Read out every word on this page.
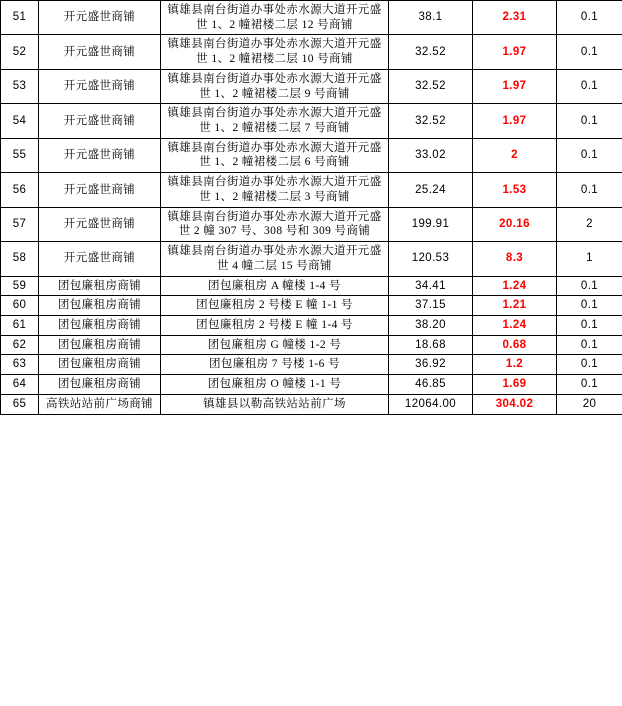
51	开元盛世商铺	镇雄县南台街道办事处赤水源大道开元盛世 1、2 幢裙楼二层 12 号商铺	38.1	2.31	0.1
52	开元盛世商铺	镇雄县南台街道办事处赤水源大道开元盛世 1、2 幢裙楼二层 10 号商铺	32.52	1.97	0.1
53	开元盛世商铺	镇雄县南台街道办事处赤水源大道开元盛世 1、2 幢裙楼二层 9 号商铺	32.52	1.97	0.1
54	开元盛世商铺	镇雄县南台街道办事处赤水源大道开元盛世 1、2 幢裙楼二层 7 号商铺	32.52	1.97	0.1
55	开元盛世商铺	镇雄县南台街道办事处赤水源大道开元盛世 1、2 幢裙楼二层 6 号商铺	33.02	2	0.1
56	开元盛世商铺	镇雄县南台街道办事处赤水源大道开元盛世 1、2 幢裙楼二层 3 号商铺	25.24	1.53	0.1
57	开元盛世商铺	镇雄县南台街道办事处赤水源大道开元盛世 2 幢 307 号、308 号和 309 号商铺	199.91	20.16	2
58	开元盛世商铺	镇雄县南台街道办事处赤水源大道开元盛世 4 幢二层 15 号商铺	120.53	8.3	1
59	团包廉租房商铺	团包廉租房 A 幢楼 1-4 号	34.41	1.24	0.1
60	团包廉租房商铺	团包廉租房 2 号楼 E 幢 1-1 号	37.15	1.21	0.1
61	团包廉租房商铺	团包廉租房 2 号楼 E 幢 1-4 号	38.20	1.24	0.1
62	团包廉租房商铺	团包廉租房 G 幢楼 1-2 号	18.68	0.68	0.1
63	团包廉租房商铺	团包廉租房 7 号楼 1-6 号	36.92	1.2	0.1
64	团包廉租房商铺	团包廉租房 O 幢楼 1-1 号	46.85	1.69	0.1
65	高铁站站前广场商铺	镇雄县以勒高铁站站前广场	12064.00	304.02	20
